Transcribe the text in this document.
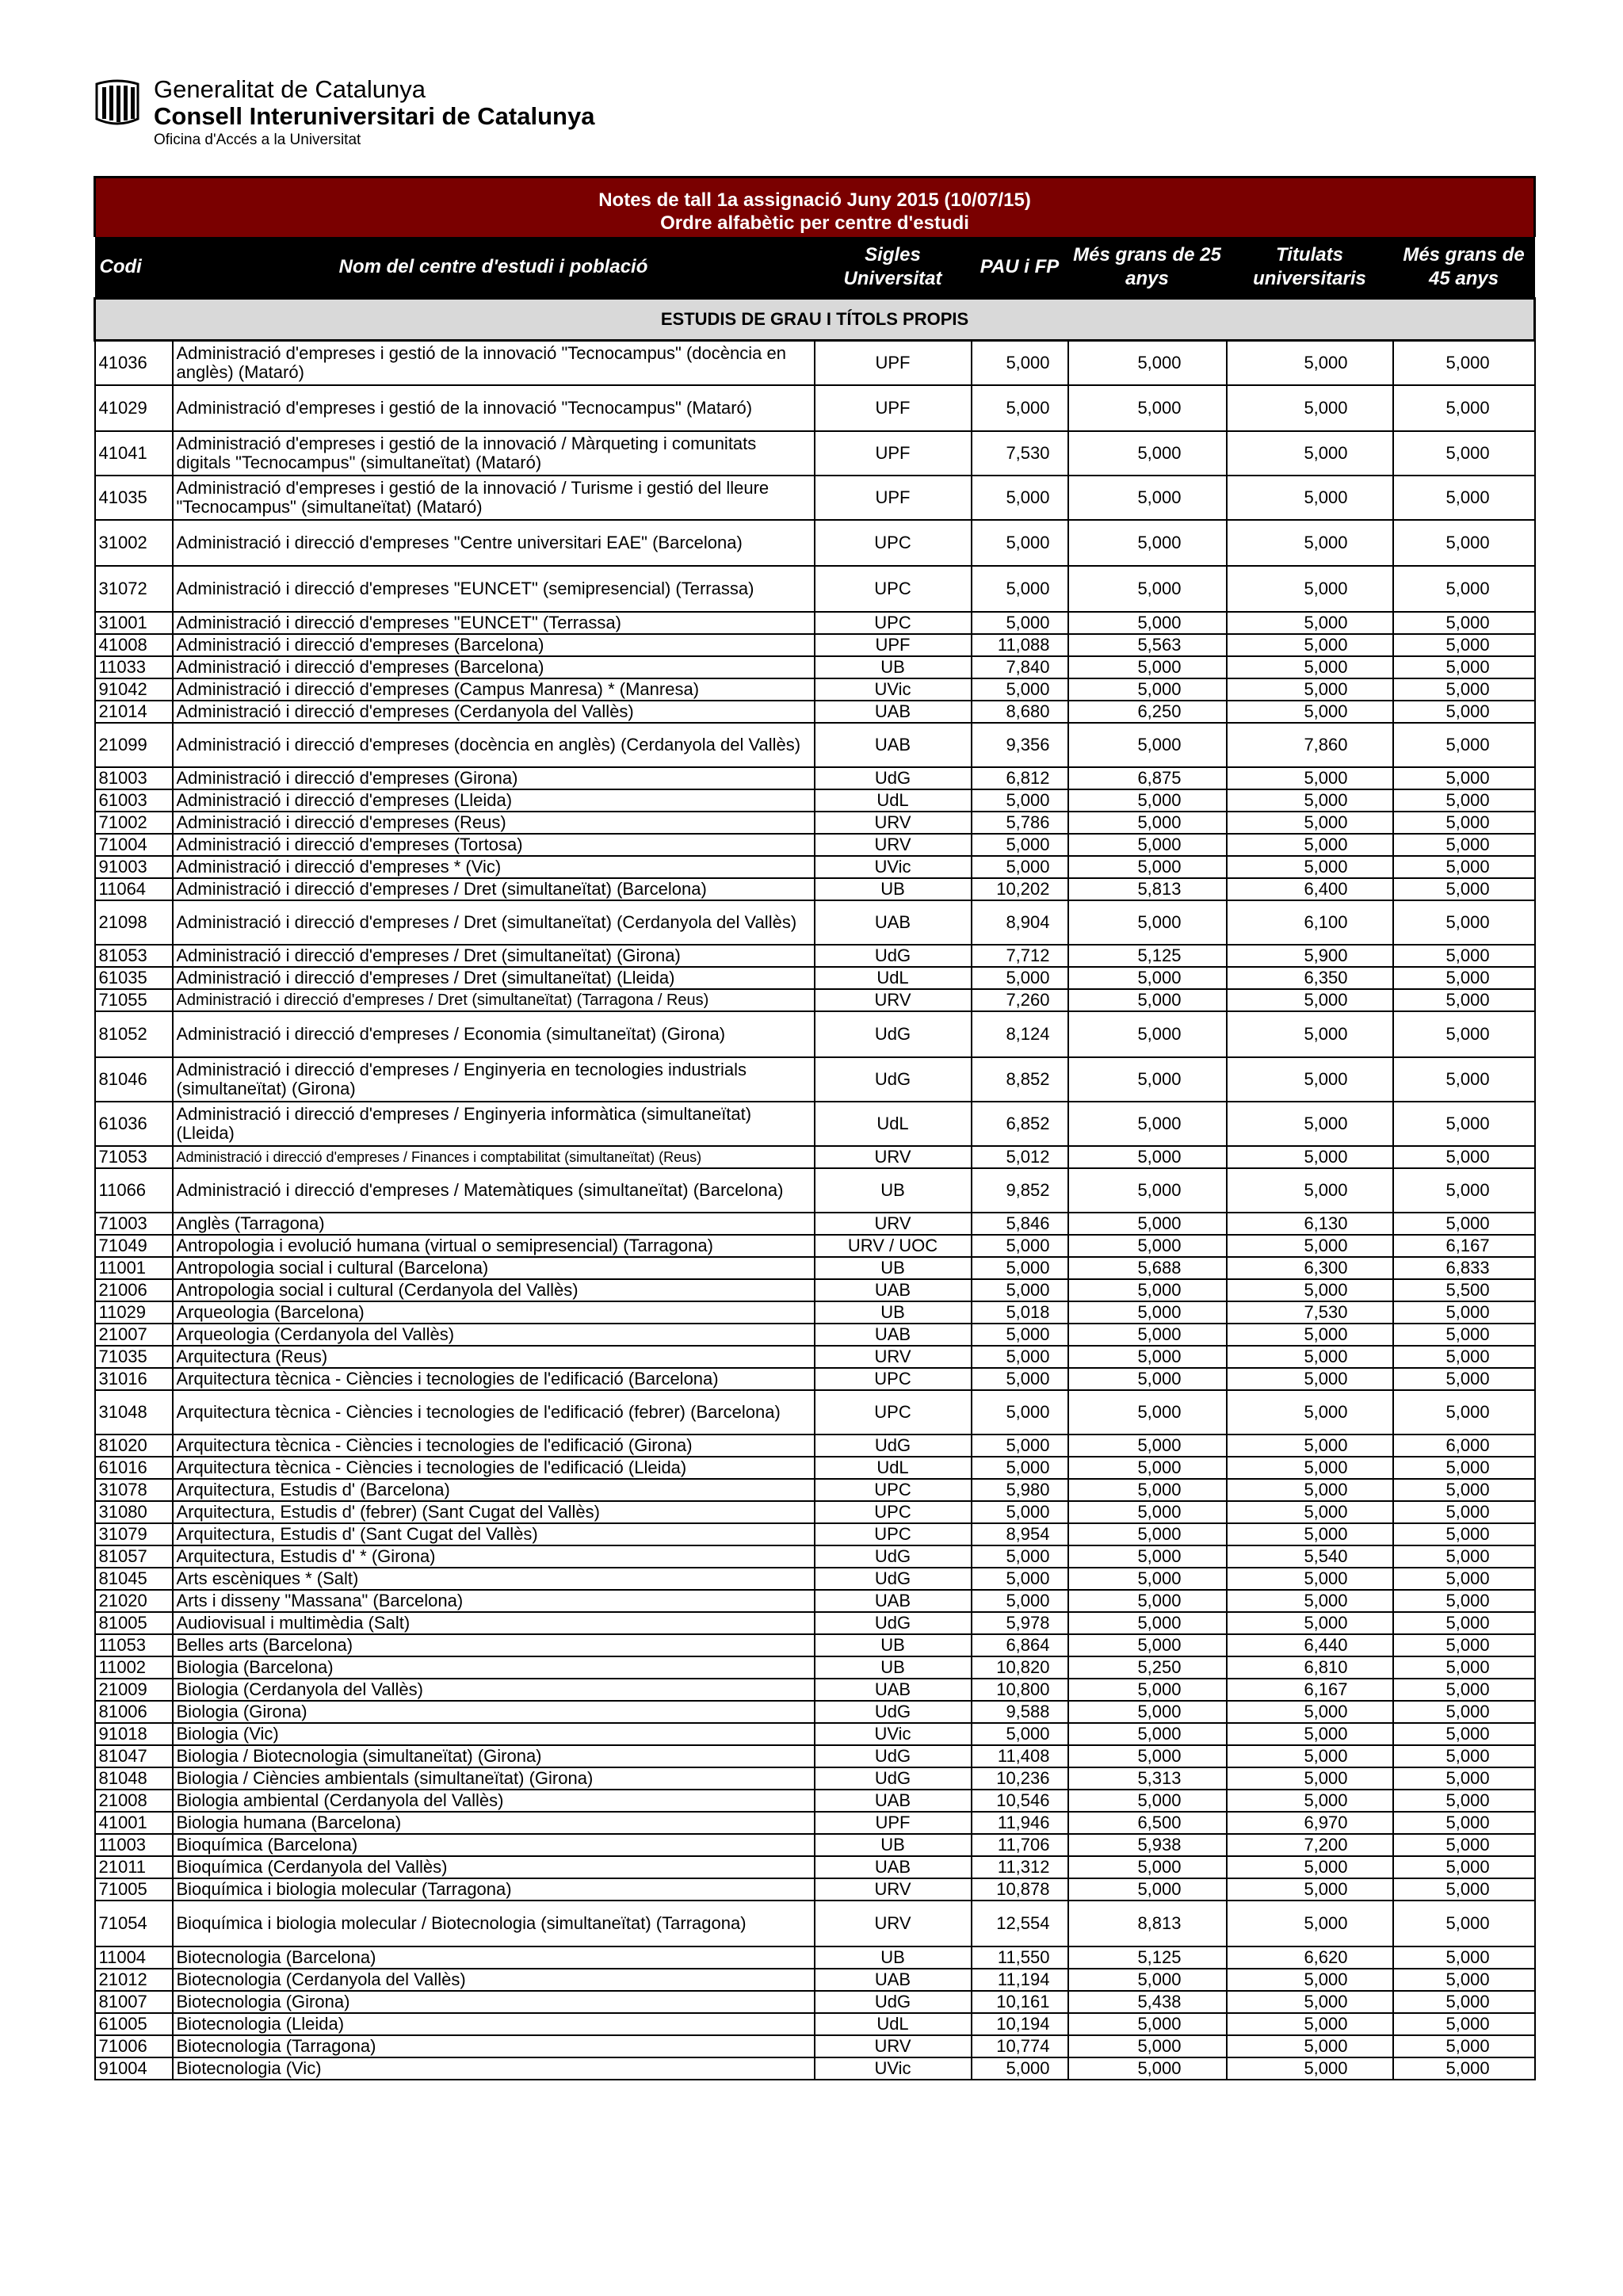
Generalitat de Catalunya
Consell Interuniversitari de Catalunya
Oficina d'Accés a la Universitat
Notes de tall 1a assignació Juny 2015 (10/07/15)						
Ordre alfabètic per centre d'estudi						
Codi	Nom del centre d'estudi i població	Sigles Universitat	PAU i FP	Més grans de 25 anys	Titulats universitaris	Més grans de 45 anys
ESTUDIS DE GRAU I TÍTOLS PROPIS						
41036	Administració d'empreses i gestió de la innovació "Tecnocampus" (docència en anglès) (Mataró)	UPF	5,000	5,000	5,000	5,000
41029	Administració d'empreses i gestió de la innovació "Tecnocampus" (Mataró)	UPF	5,000	5,000	5,000	5,000
41041	Administració d'empreses i gestió de la innovació / Màrqueting i comunitats digitals "Tecnocampus" (simultaneïtat) (Mataró)	UPF	7,530	5,000	5,000	5,000
41035	Administració d'empreses i gestió de la innovació / Turisme i gestió del lleure "Tecnocampus" (simultaneïtat) (Mataró)	UPF	5,000	5,000	5,000	5,000
31002	Administració i direcció d'empreses "Centre universitari EAE" (Barcelona)	UPC	5,000	5,000	5,000	5,000
31072	Administració i direcció d'empreses "EUNCET" (semipresencial) (Terrassa)	UPC	5,000	5,000	5,000	5,000
31001	Administració i direcció d'empreses "EUNCET" (Terrassa)	UPC	5,000	5,000	5,000	5,000
41008	Administració i direcció d'empreses (Barcelona)	UPF	11,088	5,563	5,000	5,000
11033	Administració i direcció d'empreses (Barcelona)	UB	7,840	5,000	5,000	5,000
91042	Administració i direcció d'empreses (Campus Manresa) * (Manresa)	UVic	5,000	5,000	5,000	5,000
21014	Administració i direcció d'empreses (Cerdanyola del Vallès)	UAB	8,680	6,250	5,000	5,000
21099	Administració i direcció d'empreses (docència en anglès) (Cerdanyola del Vallès)	UAB	9,356	5,000	7,860	5,000
81003	Administració i direcció d'empreses (Girona)	UdG	6,812	6,875	5,000	5,000
61003	Administració i direcció d'empreses (Lleida)	UdL	5,000	5,000	5,000	5,000
71002	Administració i direcció d'empreses (Reus)	URV	5,786	5,000	5,000	5,000
71004	Administració i direcció d'empreses (Tortosa)	URV	5,000	5,000	5,000	5,000
91003	Administració i direcció d'empreses * (Vic)	UVic	5,000	5,000	5,000	5,000
11064	Administració i direcció d'empreses / Dret (simultaneïtat) (Barcelona)	UB	10,202	5,813	6,400	5,000
21098	Administració i direcció d'empreses / Dret (simultaneïtat) (Cerdanyola del Vallès)	UAB	8,904	5,000	6,100	5,000
81053	Administració i direcció d'empreses / Dret (simultaneïtat) (Girona)	UdG	7,712	5,125	5,900	5,000
61035	Administració i direcció d'empreses / Dret (simultaneïtat) (Lleida)	UdL	5,000	5,000	6,350	5,000
71055	Administració i direcció d'empreses / Dret (simultaneïtat) (Tarragona / Reus)	URV	7,260	5,000	5,000	5,000
81052	Administració i direcció d'empreses / Economia (simultaneïtat) (Girona)	UdG	8,124	5,000	5,000	5,000
81046	Administració i direcció d'empreses / Enginyeria en tecnologies industrials (simultaneïtat) (Girona)	UdG	8,852	5,000	5,000	5,000
61036	Administració i direcció d'empreses / Enginyeria informàtica (simultaneïtat) (Lleida)	UdL	6,852	5,000	5,000	5,000
71053	Administració i direcció d'empreses / Finances i comptabilitat (simultaneïtat) (Reus)	URV	5,012	5,000	5,000	5,000
11066	Administració i direcció d'empreses / Matemàtiques (simultaneïtat) (Barcelona)	UB	9,852	5,000	5,000	5,000
71003	Anglès (Tarragona)	URV	5,846	5,000	6,130	5,000
71049	Antropologia i evolució humana (virtual o semipresencial) (Tarragona)	URV / UOC	5,000	5,000	5,000	6,167
11001	Antropologia social i cultural (Barcelona)	UB	5,000	5,688	6,300	6,833
21006	Antropologia social i cultural (Cerdanyola del Vallès)	UAB	5,000	5,000	5,000	5,500
11029	Arqueologia (Barcelona)	UB	5,018	5,000	7,530	5,000
21007	Arqueologia (Cerdanyola del Vallès)	UAB	5,000	5,000	5,000	5,000
71035	Arquitectura (Reus)	URV	5,000	5,000	5,000	5,000
31016	Arquitectura tècnica - Ciències i tecnologies de l'edificació (Barcelona)	UPC	5,000	5,000	5,000	5,000
31048	Arquitectura tècnica - Ciències i tecnologies de l'edificació (febrer) (Barcelona)	UPC	5,000	5,000	5,000	5,000
81020	Arquitectura tècnica - Ciències i tecnologies de l'edificació (Girona)	UdG	5,000	5,000	5,000	6,000
61016	Arquitectura tècnica - Ciències i tecnologies de l'edificació (Lleida)	UdL	5,000	5,000	5,000	5,000
31078	Arquitectura, Estudis d' (Barcelona)	UPC	5,980	5,000	5,000	5,000
31080	Arquitectura, Estudis d' (febrer) (Sant Cugat del Vallès)	UPC	5,000	5,000	5,000	5,000
31079	Arquitectura, Estudis d' (Sant Cugat del Vallès)	UPC	8,954	5,000	5,000	5,000
81057	Arquitectura, Estudis d' * (Girona)	UdG	5,000	5,000	5,540	5,000
81045	Arts escèniques * (Salt)	UdG	5,000	5,000	5,000	5,000
21020	Arts i disseny "Massana" (Barcelona)	UAB	5,000	5,000	5,000	5,000
81005	Audiovisual i multimèdia (Salt)	UdG	5,978	5,000	5,000	5,000
11053	Belles arts (Barcelona)	UB	6,864	5,000	6,440	5,000
11002	Biologia (Barcelona)	UB	10,820	5,250	6,810	5,000
21009	Biologia (Cerdanyola del Vallès)	UAB	10,800	5,000	6,167	5,000
81006	Biologia (Girona)	UdG	9,588	5,000	5,000	5,000
91018	Biologia (Vic)	UVic	5,000	5,000	5,000	5,000
81047	Biologia / Biotecnologia (simultaneïtat) (Girona)	UdG	11,408	5,000	5,000	5,000
81048	Biologia / Ciències ambientals (simultaneïtat) (Girona)	UdG	10,236	5,313	5,000	5,000
21008	Biologia ambiental (Cerdanyola del Vallès)	UAB	10,546	5,000	5,000	5,000
41001	Biologia humana (Barcelona)	UPF	11,946	6,500	6,970	5,000
11003	Bioquímica (Barcelona)	UB	11,706	5,938	7,200	5,000
21011	Bioquímica (Cerdanyola del Vallès)	UAB	11,312	5,000	5,000	5,000
71005	Bioquímica i biologia molecular (Tarragona)	URV	10,878	5,000	5,000	5,000
71054	Bioquímica i biologia molecular / Biotecnologia (simultaneïtat) (Tarragona)	URV	12,554	8,813	5,000	5,000
11004	Biotecnologia (Barcelona)	UB	11,550	5,125	6,620	5,000
21012	Biotecnologia (Cerdanyola del Vallès)	UAB	11,194	5,000	5,000	5,000
81007	Biotecnologia (Girona)	UdG	10,161	5,438	5,000	5,000
61005	Biotecnologia (Lleida)	UdL	10,194	5,000	5,000	5,000
71006	Biotecnologia (Tarragona)	URV	10,774	5,000	5,000	5,000
91004	Biotecnologia (Vic)	UVic	5,000	5,000	5,000	5,000
